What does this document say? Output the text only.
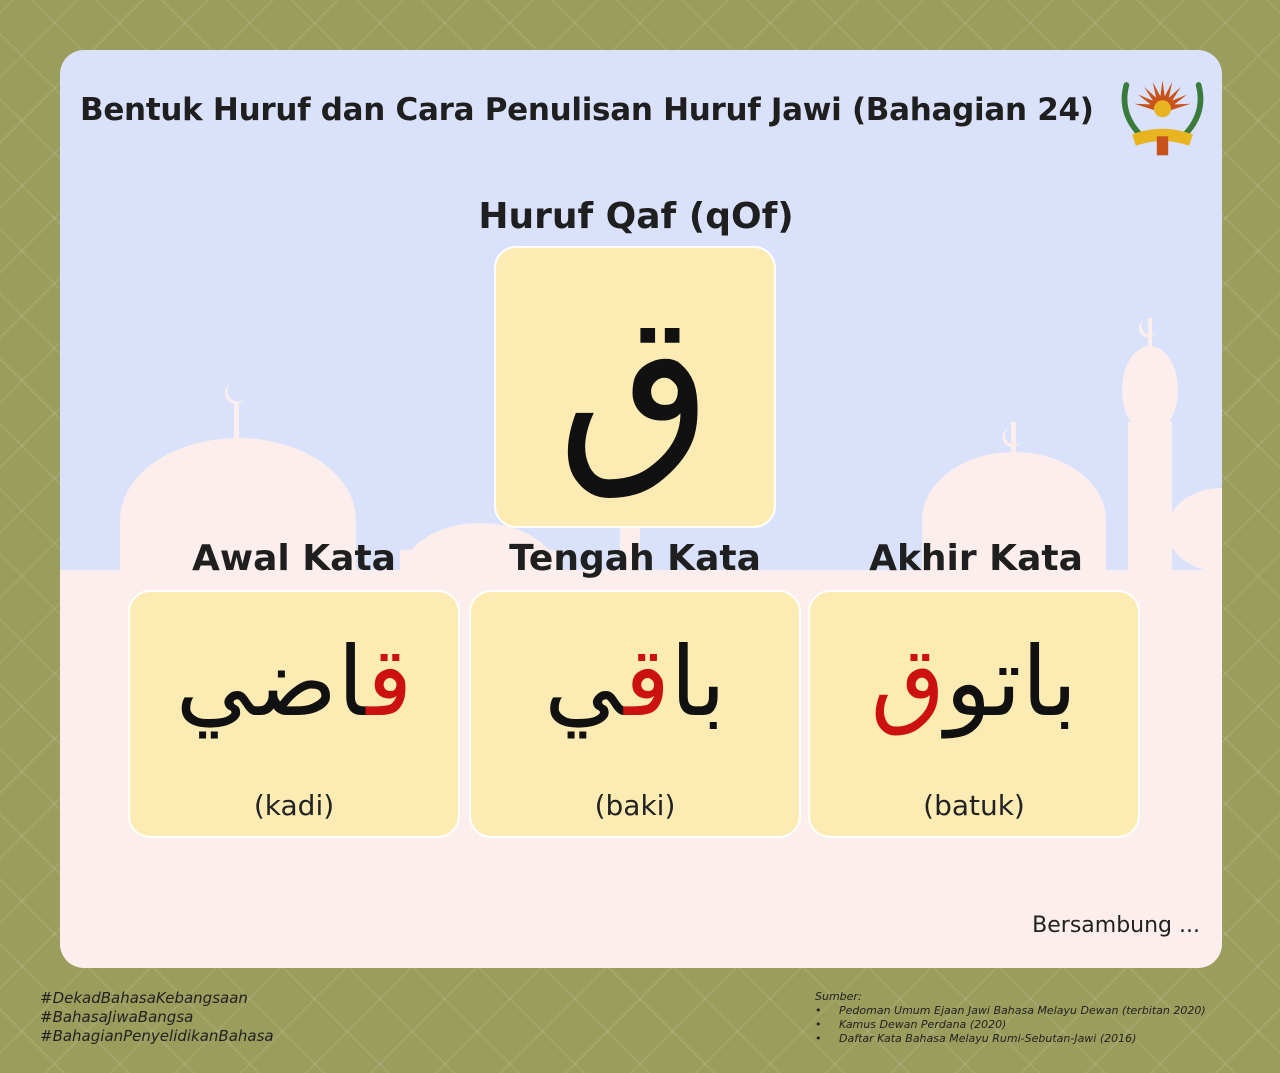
Bentuk Huruf dan Cara Penulisan Huruf Jawi (Bahagian 24)
Huruf Qaf (qOf)
ق
Awal Kata
قاضي
(kadi)
Tengah Kata
باقي
(baki)
Akhir Kata
باتوق
(batuk)
Bersambung ...
#DekadBahasaKebangsaan
#BahasaJiwaBangsa
#BahagianPenyelidikanBahasa
Sumber:
• Pedoman Umum Ejaan Jawi Bahasa Melayu Dewan (terbitan 2020)
• Kamus Dewan Perdana (2020)
• Daftar Kata Bahasa Melayu Rumi-Sebutan-Jawi (2016)
